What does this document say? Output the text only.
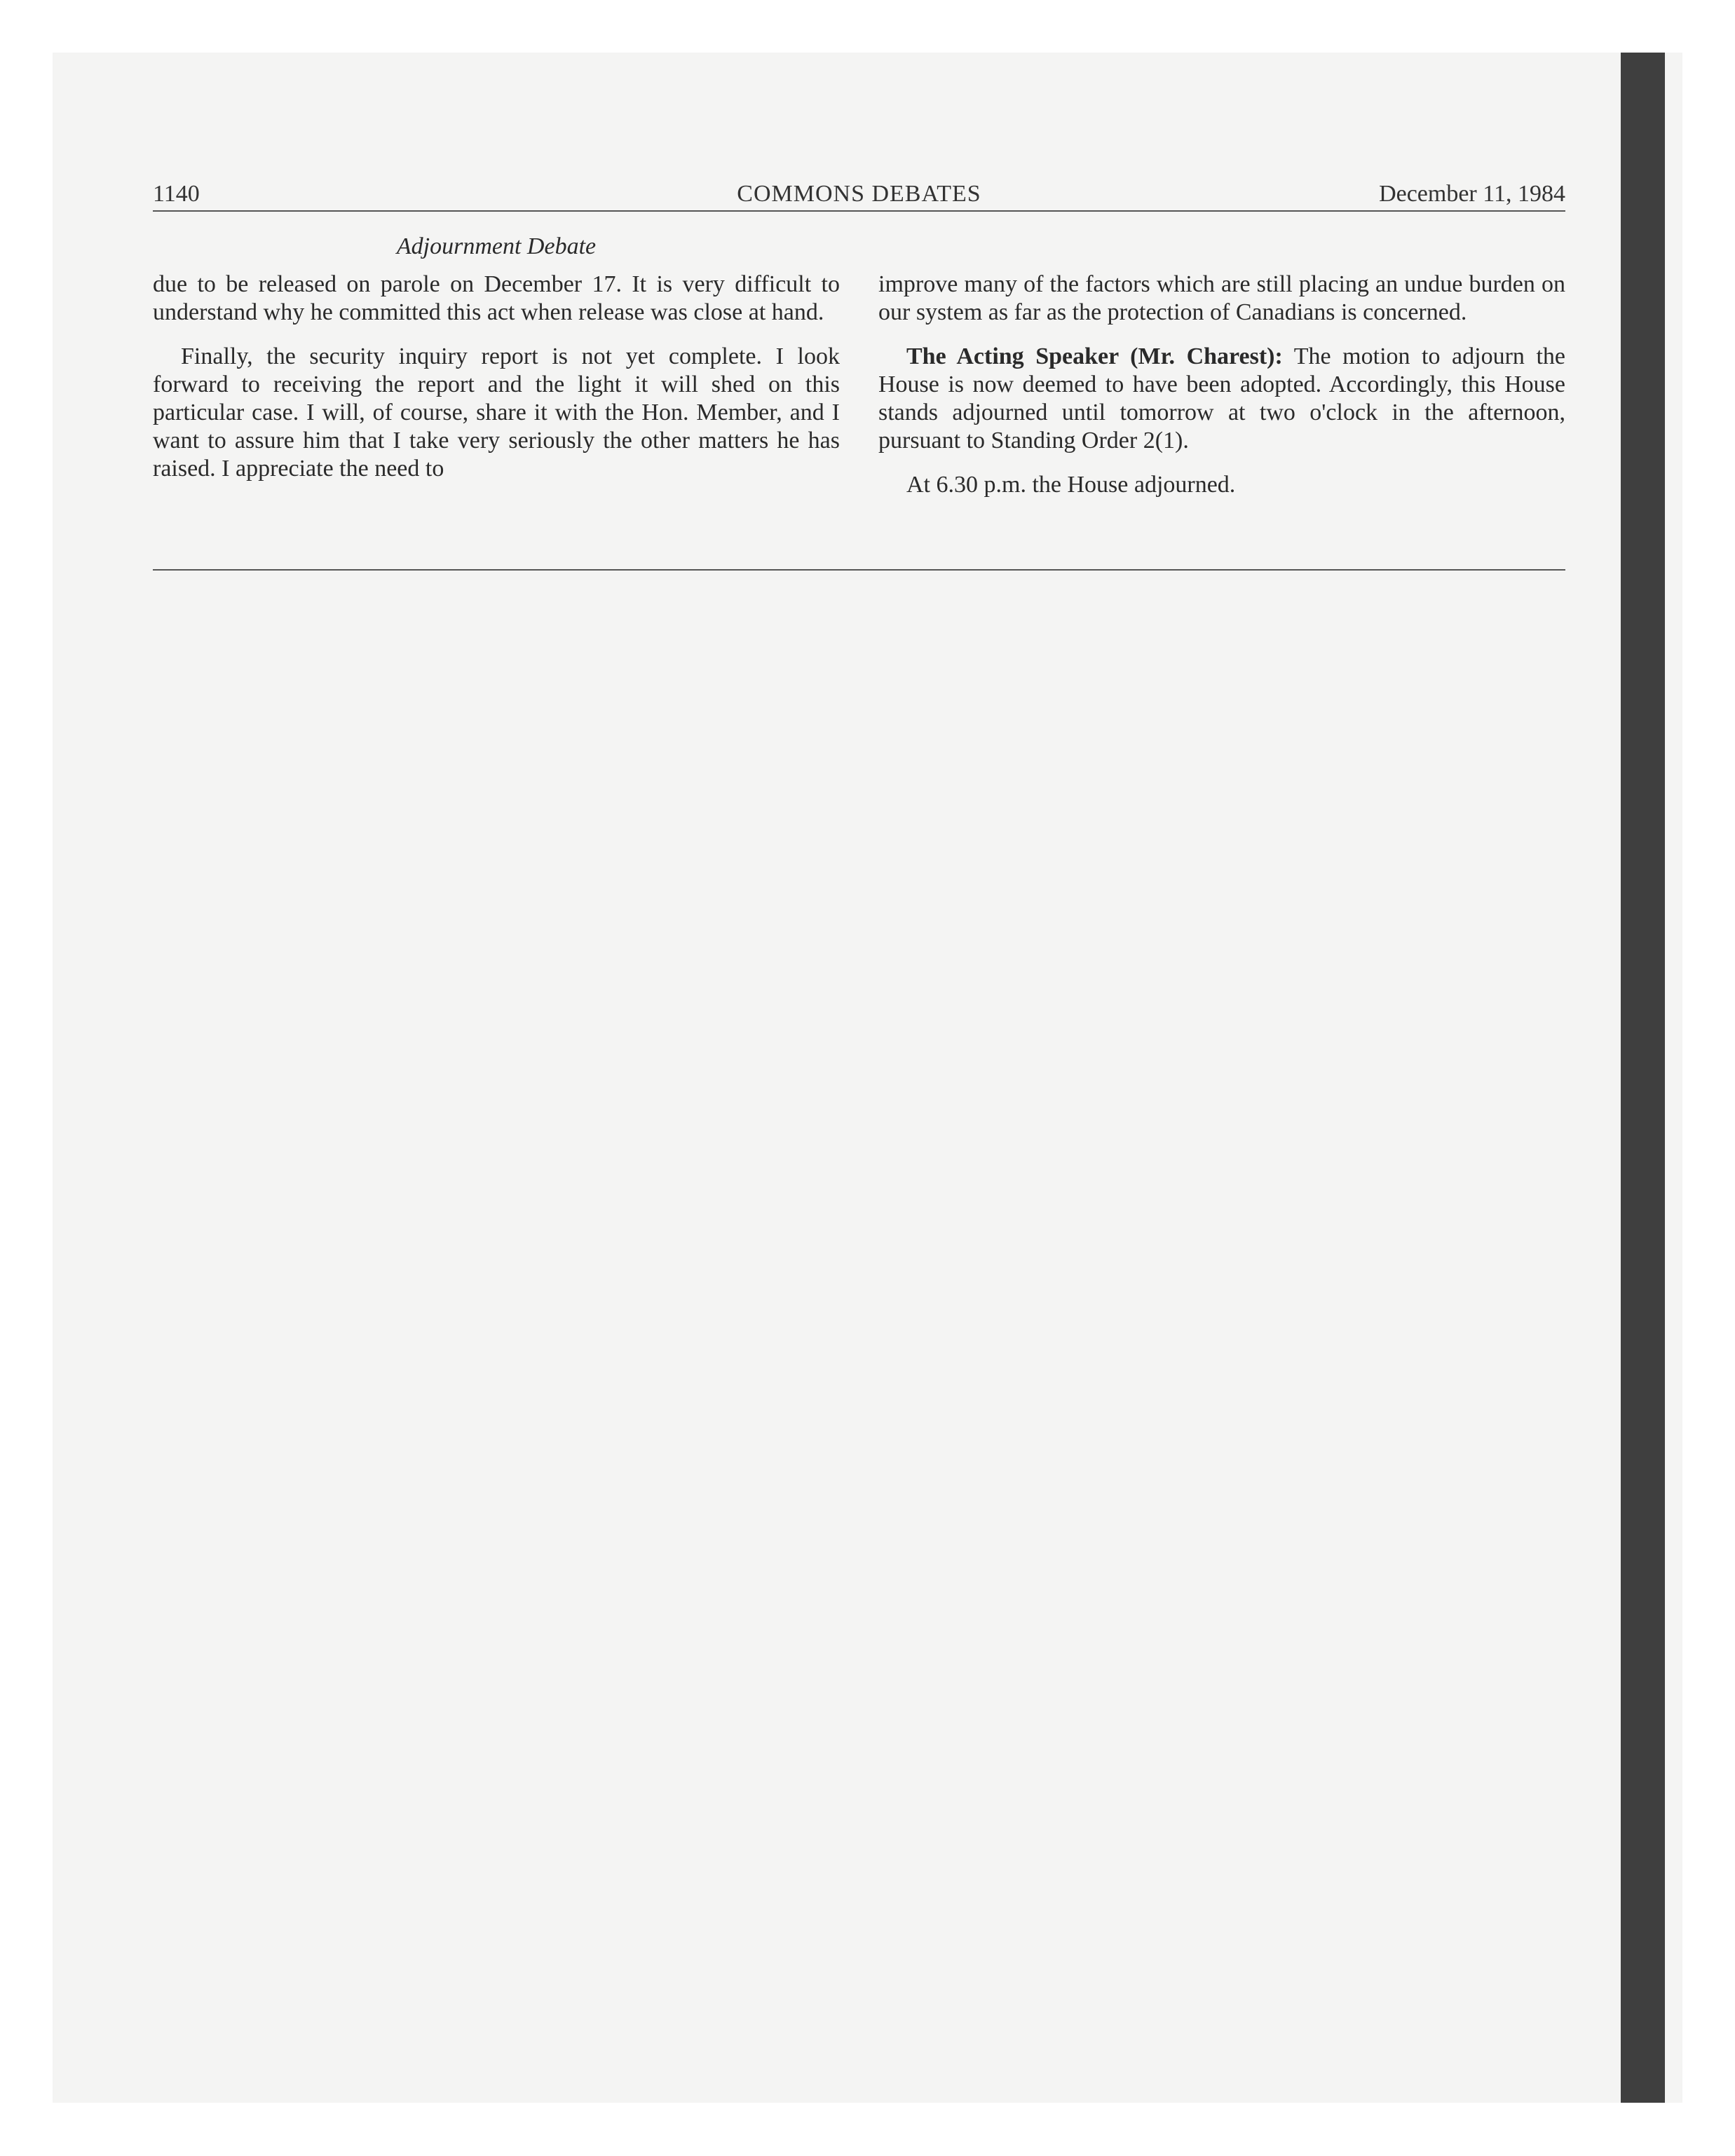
1140	COMMONS DEBATES	December 11, 1984
Adjournment Debate

due to be released on parole on December 17. It is very difficult to understand why he committed this act when release was close at hand.

Finally, the security inquiry report is not yet complete. I look forward to receiving the report and the light it will shed on this particular case. I will, of course, share it with the Hon. Member, and I want to assure him that I take very seriously the other matters he has raised. I appreciate the need to

improve many of the factors which are still placing an undue burden on our system as far as the protection of Canadians is concerned.

The Acting Speaker (Mr. Charest): The motion to adjourn the House is now deemed to have been adopted. Accordingly, this House stands adjourned until tomorrow at two o'clock in the afternoon, pursuant to Standing Order 2(1).

At 6.30 p.m. the House adjourned.
